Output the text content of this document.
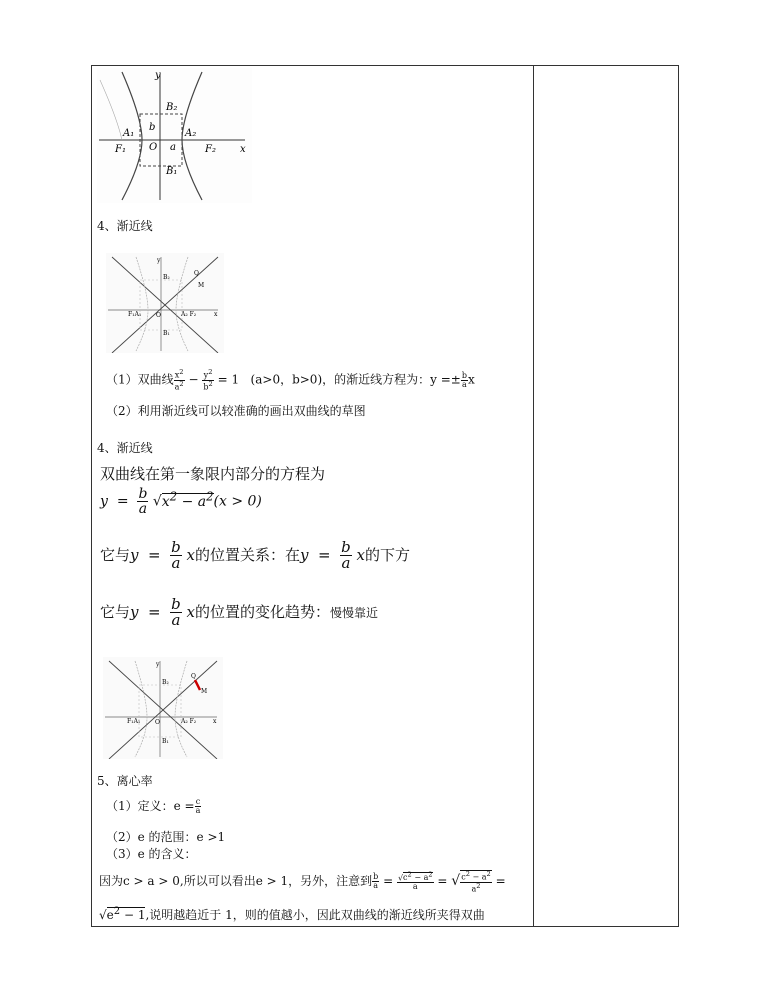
y
x
B₂
B₁
b
A₁	A₂
O a
F₁	F₂
4、渐近线
y
x
B₂
B₁
Q
M
F₁A₁	A₂ F₂
O
（1）双曲线 $\frac{x^2}{a^2} - \frac{y^2}{b^2} = 1$ (a>0，b>0)，的渐近线方程为：$y =\pm \frac{b}{a}$ x
（2）利用渐近线可以较准确的画出双曲线的草图
4、渐近线
双曲线在第一象限内部分的方程为
$y = \frac{b}{a} √x^2 - a^2(x > 0)$
它与$y = \frac{b}{a}$ x的位置关系：在$y = \frac{b}{a}$ x的下方
它与$y = \frac{b}{a}$ x的位置的变化趋势：慢慢靠近
y
x
B₂
B₁
Q
M
F₁A₁	A₂ F₂
O
5、离心率
（1）定义：$e = \frac{c}{a}$
（2）e 的范围：e >1
（3）e 的含义：
因为c > a > 0,所以可以看出e > 1，另外，注意到 $\frac{b}{a} = \frac{√c^2 - a^2}{a}$ = √ $\frac{c^2 - a^2}{a^2}$ =
$√e^2 - 1$,说明越趋近于 1，则的值越小，因此双曲线的渐近线所夹得双曲
